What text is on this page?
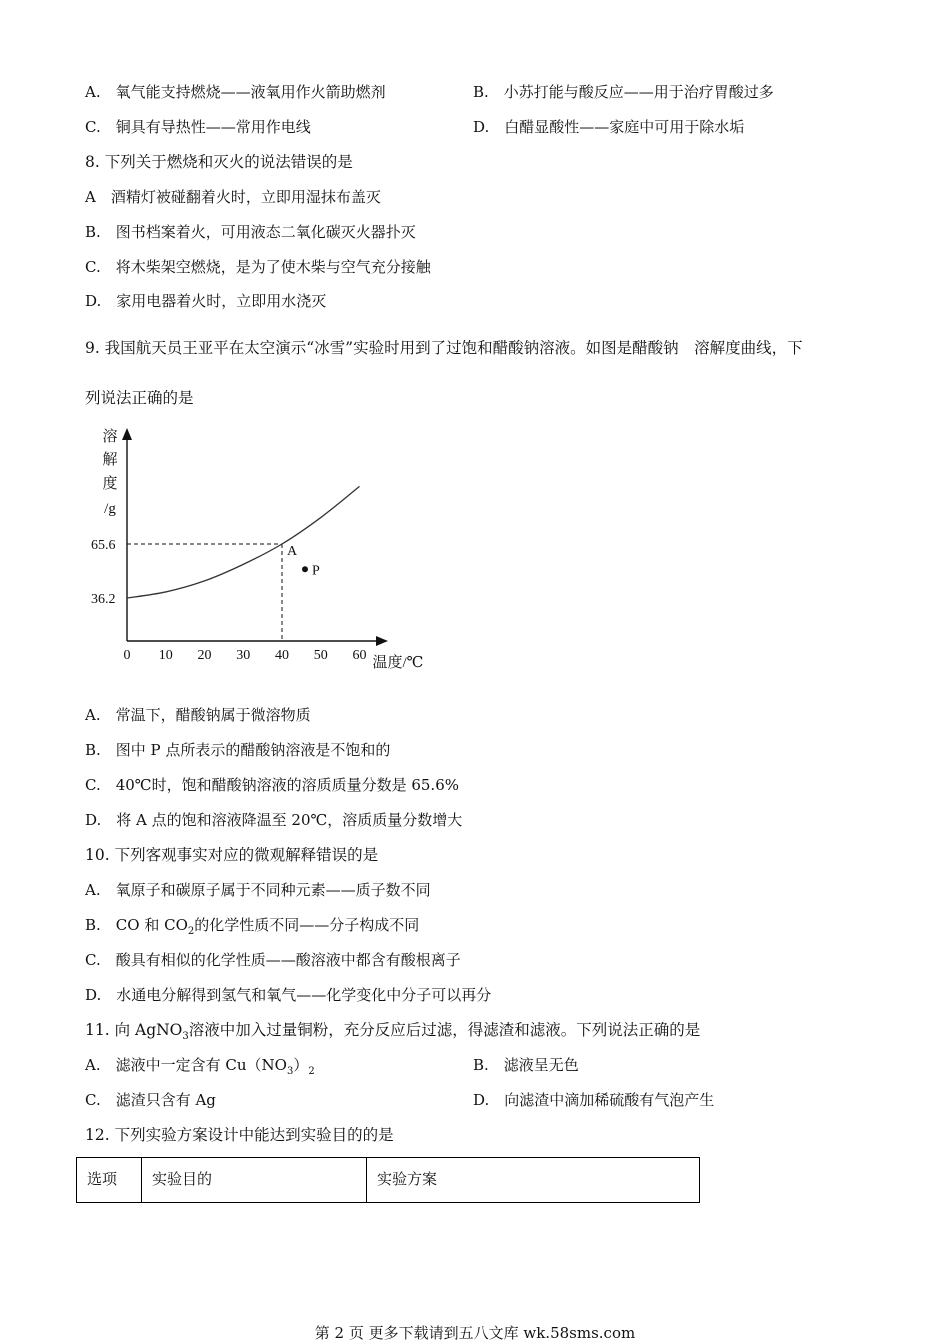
A.　氧气能支持燃烧——液氧用作火箭助燃剂	B.　小苏打能与酸反应——用于治疗胃酸过多
C.　铜具有导热性——常用作电线	D.　白醋显酸性——家庭中可用于除水垢
8. 下列关于燃烧和灭火的说法错误的是
A　酒精灯被碰翻着火时，立即用湿抹布盖灭
B.　图书档案着火，可用液态二氧化碳灭火器扑灭
C.　将木柴架空燃烧，是为了使木柴与空气充分接触
D.　家用电器着火时，立即用水浇灭
9. 我国航天员王亚平在太空演示“冰雪”实验时用到了过饱和醋酸钠溶液。如图是醋酸钠　溶解度曲线，下
列说法正确的是
溶
解
度
/g
0 10 20 30 40 50 60 温度/℃
65.6
36.2
A
P
A.　常温下，醋酸钠属于微溶物质
B.　图中 P 点所表示的醋酸钠溶液是不饱和的
C.　40℃时，饱和醋酸钠溶液的溶质质量分数是 65.6%
D.　将 A 点的饱和溶液降温至 20℃，溶质质量分数增大
10. 下列客观事实对应的微观解释错误的是
A.　氧原子和碳原子属于不同种元素——质子数不同
B.　CO 和 $CO_2$的化学性质不同——分子构成不同
C.　酸具有相似的化学性质——酸溶液中都含有酸根离子
D.　水通电分解得到氢气和氧气——化学变化中分子可以再分
11. 向 AgNO$_3$溶液中加入过量铜粉，充分反应后过滤，得滤渣和滤液。下列说法正确的是
A.　滤液中一定含有 $Cu(NO_3)_2$	B.　滤液呈无色
C.　滤渣只含有 Ag	D.　向滤渣中滴加稀硫酸有气泡产生
12. 下列实验方案设计中能达到实验目的的是
选项	实验目的	实验方案
第 2 页 更多下载请到五八文库 wk.58sms.com
